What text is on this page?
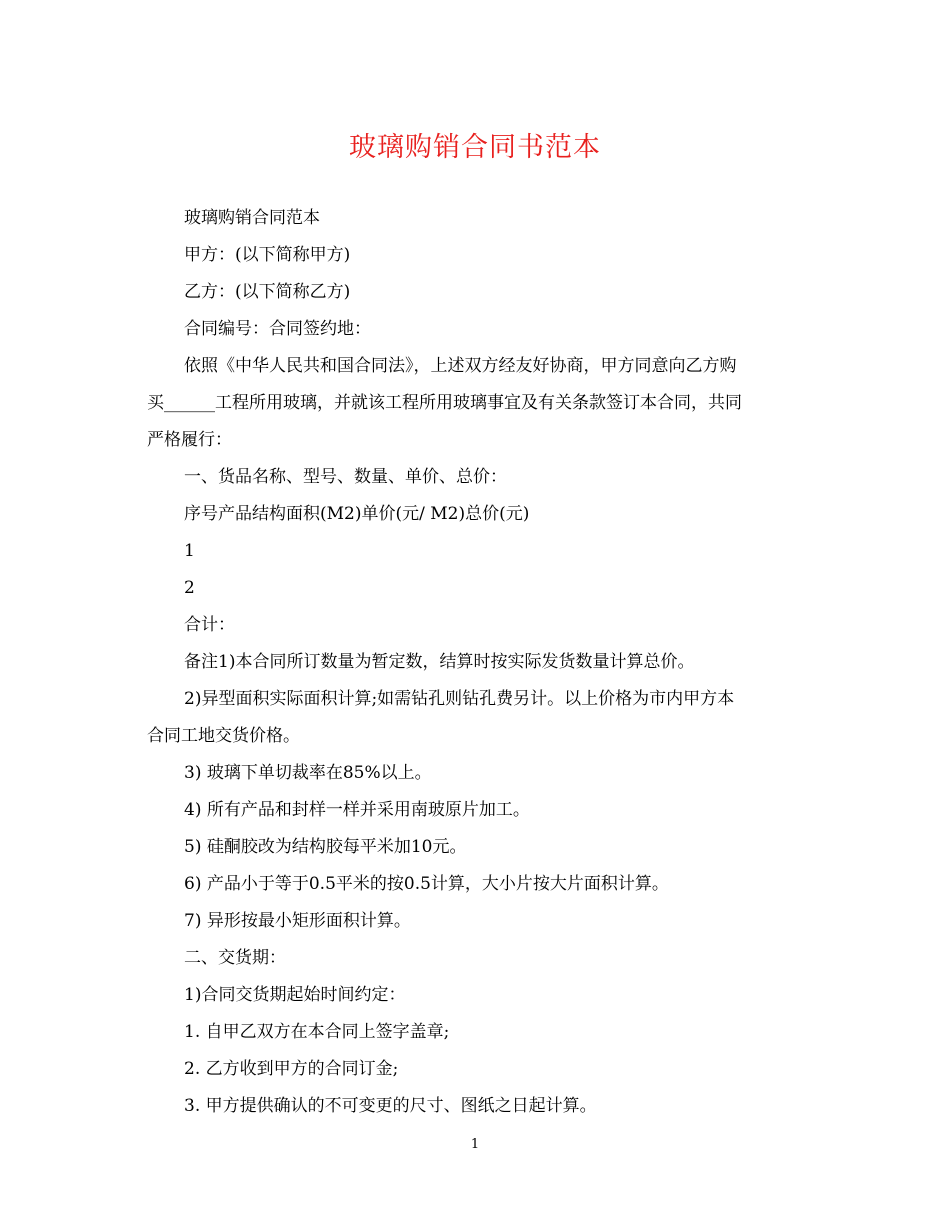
玻璃购销合同书范本
玻璃购销合同范本
甲方：(以下简称甲方)
乙方：(以下简称乙方)
合同编号：合同签约地：
依照《中华人民共和国合同法》，上述双方经友好协商，甲方同意向乙方购
买______工程所用玻璃，并就该工程所用玻璃事宜及有关条款签订本合同，共同
严格履行：
一、货品名称、型号、数量、单价、总价：
序号产品结构面积(M2)单价(元/ M2)总价(元)
1
2
合计：
备注1)本合同所订数量为暂定数，结算时按实际发货数量计算总价。
2)异型面积实际面积计算;如需钻孔则钻孔费另计。以上价格为市内甲方本
合同工地交货价格。
3) 玻璃下单切裁率在85%以上。
4) 所有产品和封样一样并采用南玻原片加工。
5) 硅酮胶改为结构胶每平米加10元。
6) 产品小于等于0.5平米的按0.5计算，大小片按大片面积计算。
7) 异形按最小矩形面积计算。
二、交货期：
1)合同交货期起始时间约定：
1. 自甲乙双方在本合同上签字盖章;
2. 乙方收到甲方的合同订金;
3. 甲方提供确认的不可变更的尺寸、图纸之日起计算。
1
